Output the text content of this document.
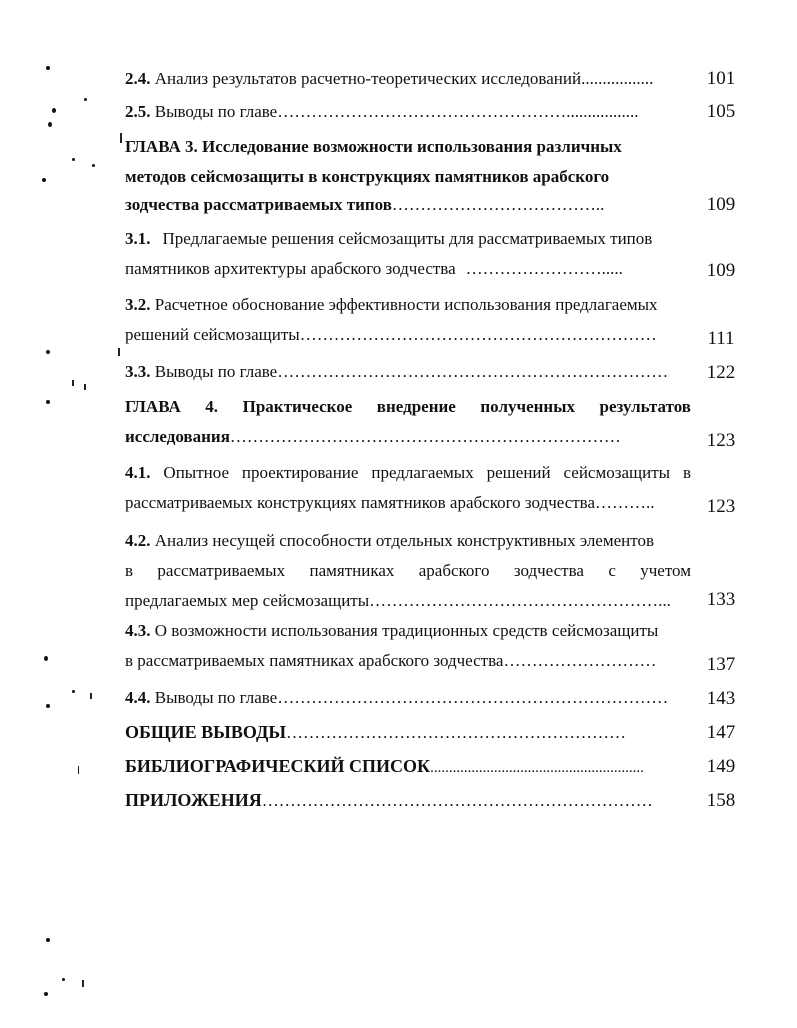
2.4. Анализ результатов расчетно-теоретических исследований.................	101
2.5. Выводы по главе…………………………………………….................	105
ГЛАВА 3. Исследование возможности использования различных
методов сейсмозащиты в конструкциях памятников арабского
зодчества рассматриваемых типов………………………………..	109
3.1. Предлагаемые решения сейсмозащиты для рассматриваемых типов
памятников архитектуры арабского зодчества …………………….....	109
3.2. Расчетное обоснование эффективности использования предлагаемых
решений сейсмозащиты………………………………………………………	111
3.3. Выводы по главе……………………………………………………………	122
ГЛАВА 4. Практическое внедрение полученных результатов
исследования……………………………………………………………	123
4.1. Опытное проектирование предлагаемых решений сейсмозащиты в
рассматриваемых конструкциях памятников арабского зодчества………..	123
4.2. Анализ несущей способности отдельных конструктивных элементов
в рассматриваемых памятниках арабского зодчества с учетом
предлагаемых мер сейсмозащиты……………………………………………...	133
4.3. О возможности использования традиционных средств сейсмозащиты
в рассматриваемых памятниках арабского зодчества………………………	137
4.4. Выводы по главе……………………………………………………………	143
ОБЩИЕ ВЫВОДЫ……………………………………………………	147
БИБЛИОГРАФИЧЕСКИЙ СПИСОК.........................................................	149
ПРИЛОЖЕНИЯ……………………………………………………………	158
